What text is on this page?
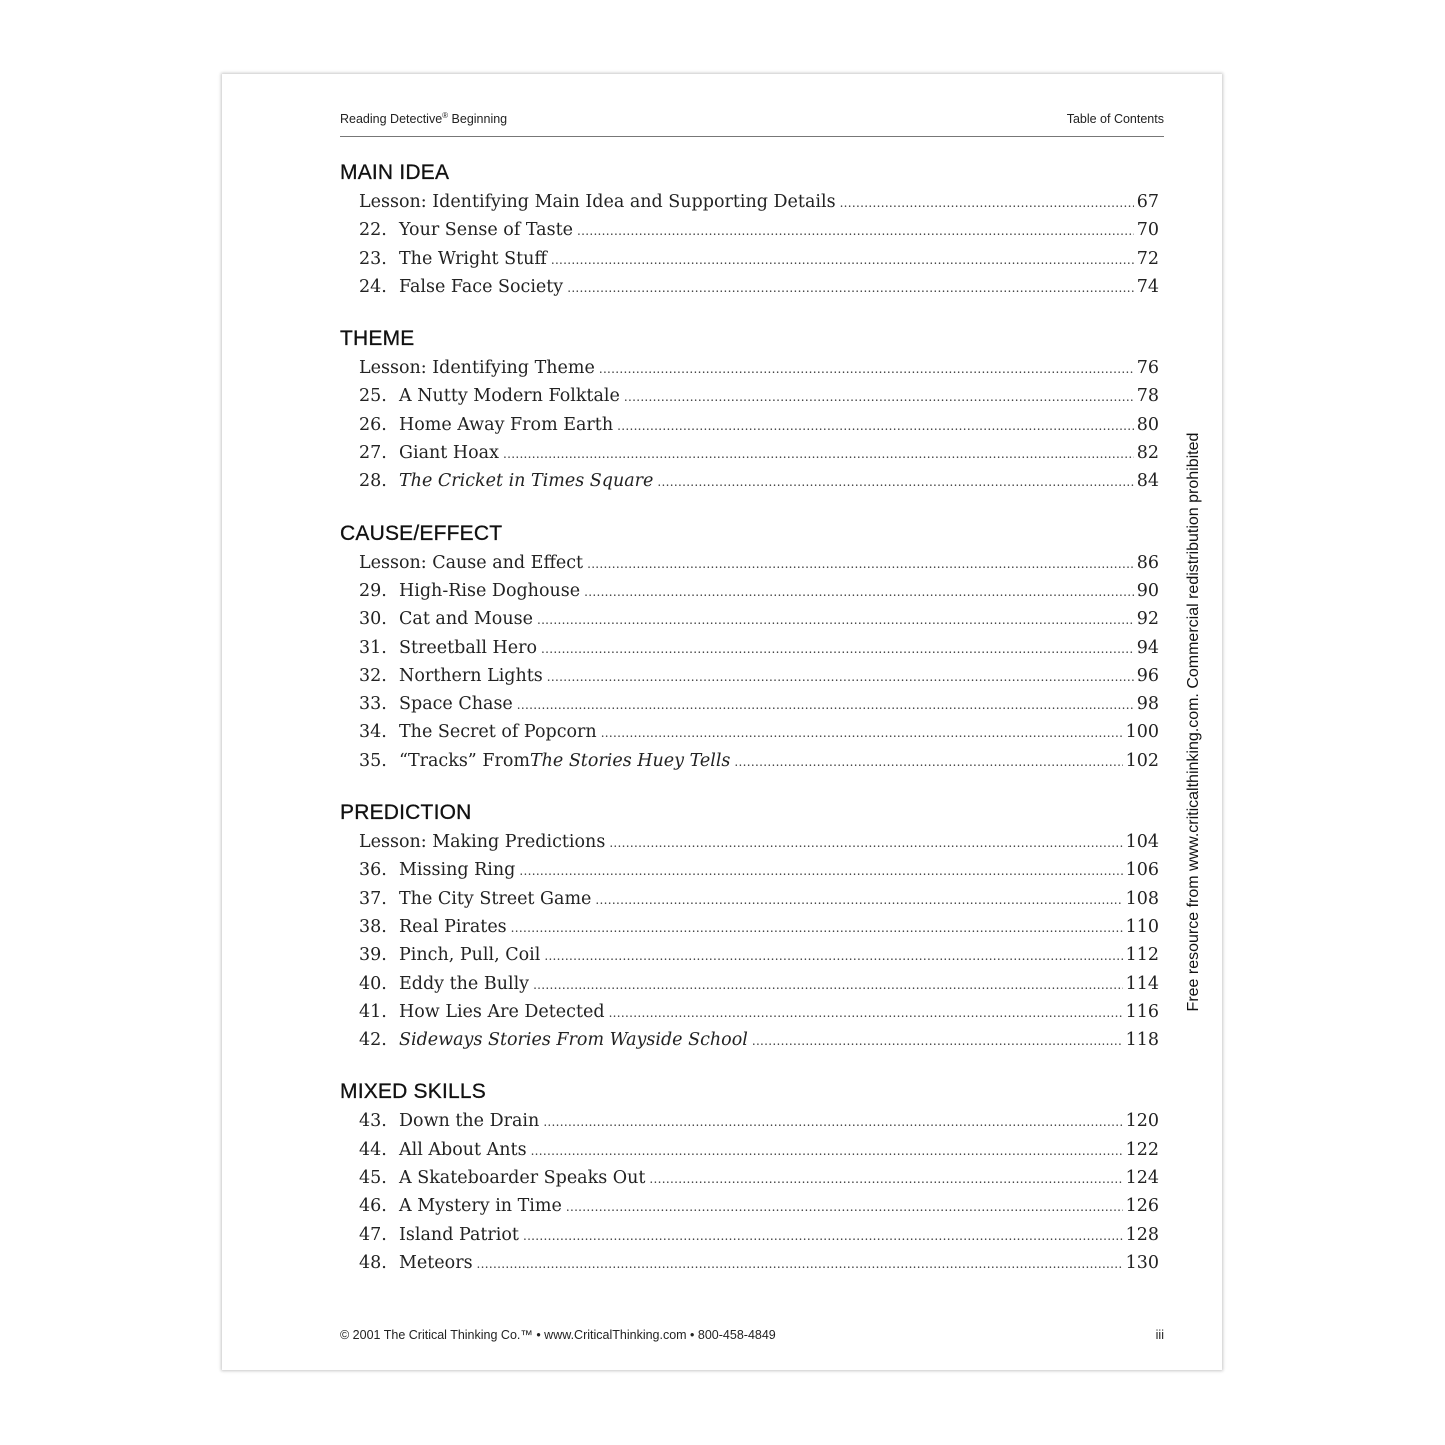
Reading Detective® Beginning	Table of Contents
MAIN IDEA
Lesson: Identifying Main Idea and Supporting Details .....	67
22. Your Sense of Taste .....	70
23. The Wright Stuff .....	72
24. False Face Society .....	74
THEME
Lesson: Identifying Theme .....	76
25. A Nutty Modern Folktale .....	78
26. Home Away From Earth .....	80
27. Giant Hoax .....	82
28. The Cricket in Times Square .....	84
CAUSE/EFFECT
Lesson: Cause and Effect .....	86
29. High-Rise Doghouse .....	90
30. Cat and Mouse .....	92
31. Streetball Hero .....	94
32. Northern Lights .....	96
33. Space Chase .....	98
34. The Secret of Popcorn .....	100
35. “Tracks” From The Stories Huey Tells .....	102
PREDICTION
Lesson: Making Predictions .....	104
36. Missing Ring .....	106
37. The City Street Game .....	108
38. Real Pirates .....	110
39. Pinch, Pull, Coil .....	112
40. Eddy the Bully .....	114
41. How Lies Are Detected .....	116
42. Sideways Stories From Wayside School .....	118
MIXED SKILLS
43. Down the Drain .....	120
44. All About Ants .....	122
45. A Skateboarder Speaks Out .....	124
46. A Mystery in Time .....	126
47. Island Patriot .....	128
48. Meteors .....	130
© 2001 The Critical Thinking Co.™ • www.CriticalThinking.com • 800-458-4849	iii
Free resource from www.criticalthinking.com. Commercial redistribution prohibited
